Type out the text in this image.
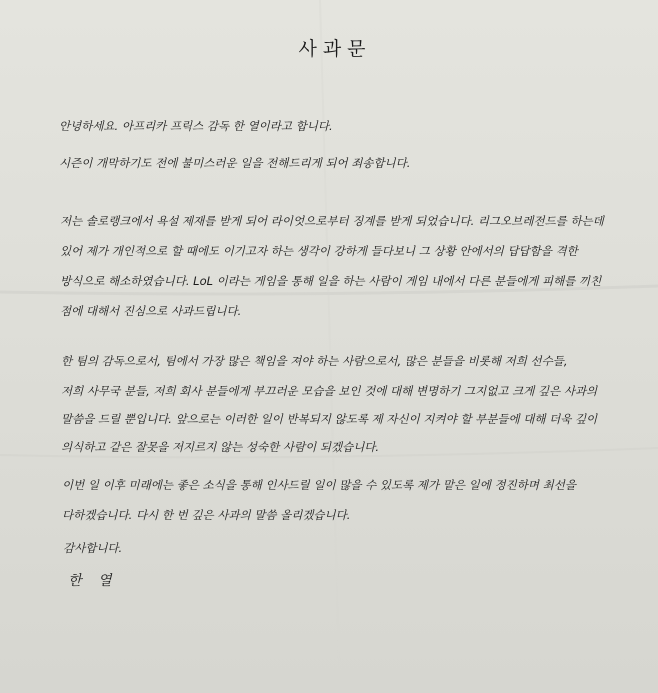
사과문
안녕하세요. 아프리카 프릭스 감독 한 열이라고 합니다.
시즌이 개막하기도 전에 불미스러운 일을 전해드리게 되어 죄송합니다.
저는 솔로랭크에서 욕설 제재를 받게 되어 라이엇으로부터 징계를 받게 되었습니다. 리그오브레전드를 하는데
있어 제가 개인적으로 할 때에도 이기고자 하는 생각이 강하게 들다보니 그 상황 안에서의 답답함을 격한
방식으로 해소하였습니다. LoL 이라는 게임을 통해 일을 하는 사람이 게임 내에서 다른 분들에게 피해를 끼친
점에 대해서 진심으로 사과드립니다.
한 팀의 감독으로서, 팀에서 가장 많은 책임을 져야 하는 사람으로서, 많은 분들을 비롯해 저희 선수들,
저희 사무국 분들, 저희 회사 분들에게 부끄러운 모습을 보인 것에 대해 변명하기 그지없고 크게 깊은 사과의
말씀을 드릴 뿐입니다. 앞으로는 이러한 일이 반복되지 않도록 제 자신이 지켜야 할 부분들에 대해 더욱 깊이
의식하고 같은 잘못을 저지르지 않는 성숙한 사람이 되겠습니다.
이번 일 이후 미래에는 좋은 소식을 통해 인사드릴 일이 많을 수 있도록 제가 맡은 일에 정진하며 최선을
다하겠습니다. 다시 한 번 깊은 사과의 말씀 올리겠습니다.
감사합니다.
한 열
